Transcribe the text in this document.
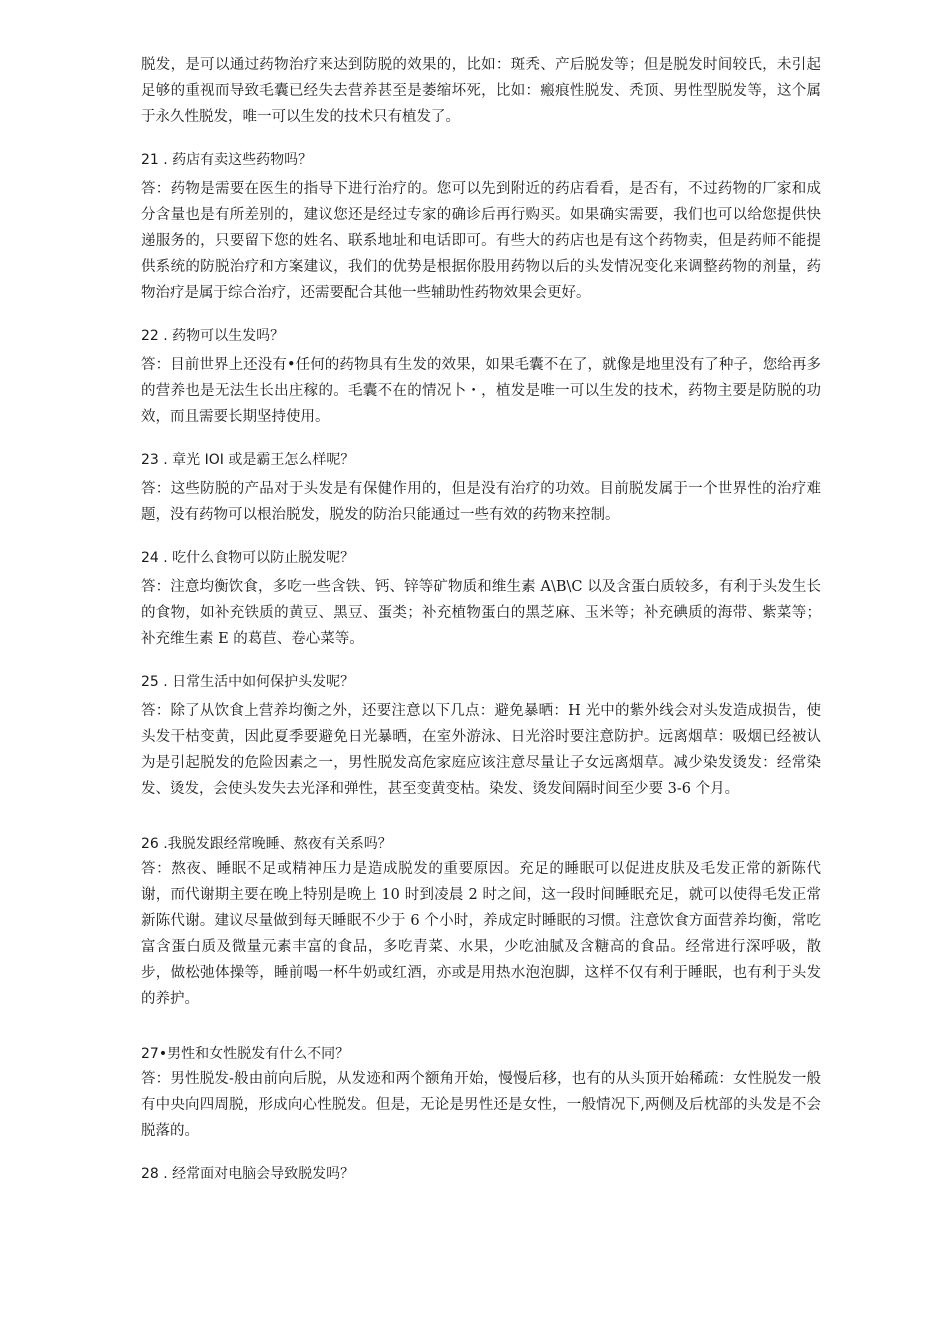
脱发，是可以通过药物治疗来达到防脱的效果的，比如：斑秃、产后脱发等；但是脱发时间较氏，未引起足够的重视而导致毛囊已经失去营养甚至是萎缩坏死，比如：瘢痕性脱发、秃顶、男性型脱发等，这个属于永久性脱发，唯一可以生发的技术只有植发了。

21 . 药店有卖这些药物吗？

答：药物是需要在医生的指导下进行治疗的。您可以先到附近的药店看看，是否有，不过药物的厂家和成分含量也是有所差别的，建议您还是经过专家的确诊后再行购买。如果确实需要，我们也可以给您提供快递服务的，只要留下您的姓名、联系地址和电话即可。有些大的药店也是有这个药物卖，但是药师不能提供系统的防脱治疗和方案建议，我们的优势是根据你股用药物以后的头发情况变化来调整药物的剂量，药物治疗是属于综合治疗，还需要配合其他一些辅助性药物效果会更好。

22 . 药物可以生发吗？

答：目前世界上还没有•任何的药物具有生发的效果，如果毛囊不在了，就像是地里没有了种子，您给再多的营养也是无法生长出庄稼的。毛囊不在的情况卜・，植发是唯一可以生发的技术，药物主要是防脱的功效，而且需要长期坚持使用。

23 . 章光 IOI 或是霸王怎么样呢？

答：这些防脱的产品对于头发是有保健作用的，但是没有治疗的功效。目前脱发属于一个世界性的治疗难题，没有药物可以根治脱发，脱发的防治只能通过一些有效的药物来控制。

24 . 吃什么食物可以防止脱发呢？

答：注意均衡饮食，多吃一些含铁、钙、锌等矿物质和维生素 A\B\C 以及含蛋白质较多，有利于头发生长的食物，如补充铁质的黄豆、黑豆、蛋类；补充植物蛋白的黑芝麻、玉米等；补充碘质的海带、紫菜等；补充维生素 E 的葛苣、卷心菜等。

25 . 日常生活中如何保护头发呢？

答：除了从饮食上营养均衡之外，还要注意以下几点：避免暴晒：H 光中的紫外线会对头发造成损告，使头发干枯变黄，因此夏季要避免日光暴晒，在室外游泳、日光浴时要注意防护。远离烟草：吸烟已经被认为是引起脱发的危险因素之一，男性脱发高危家庭应该注意尽量让子女远离烟草。减少染发烫发：经常染发、烫发，会使头发失去光泽和弹性，甚至变黄变枯。染发、烫发间隔时间至少要 3-6 个月。

26 .我脱发跟经常晚睡、熬夜有关系吗？

答：熬夜、睡眠不足或精神压力是造成脱发的重要原因。充足的睡眠可以促进皮肤及毛发正常的新陈代谢，而代谢期主要在晚上特别是晚上 10 时到凌晨 2 时之间，这一段时间睡眠充足，就可以使得毛发正常新陈代谢。建议尽量做到每天睡眠不少于 6 个小时，养成定时睡眠的习惯。注意饮食方面营养均衡，常吃富含蛋白质及微量元素丰富的食品，多吃青菜、水果，少吃油腻及含糖高的食品。经常进行深呼吸，散步，做松弛体操等，睡前喝一杯牛奶或红酒，亦或是用热水泡泡脚，这样不仅有利于睡眠，也有利于头发的养护。

27•男性和女性脱发有什么不同？

答：男性脱发-般由前向后脱，从发迹和两个额角开始，慢慢后移，也有的从头顶开始稀疏：女性脱发一般有中央向四周脱，形成向心性脱发。但是，无论是男性还是女性，一般情况下,两侧及后枕部的头发是不会脱落的。

28 . 经常面对电脑会导致脱发吗？
